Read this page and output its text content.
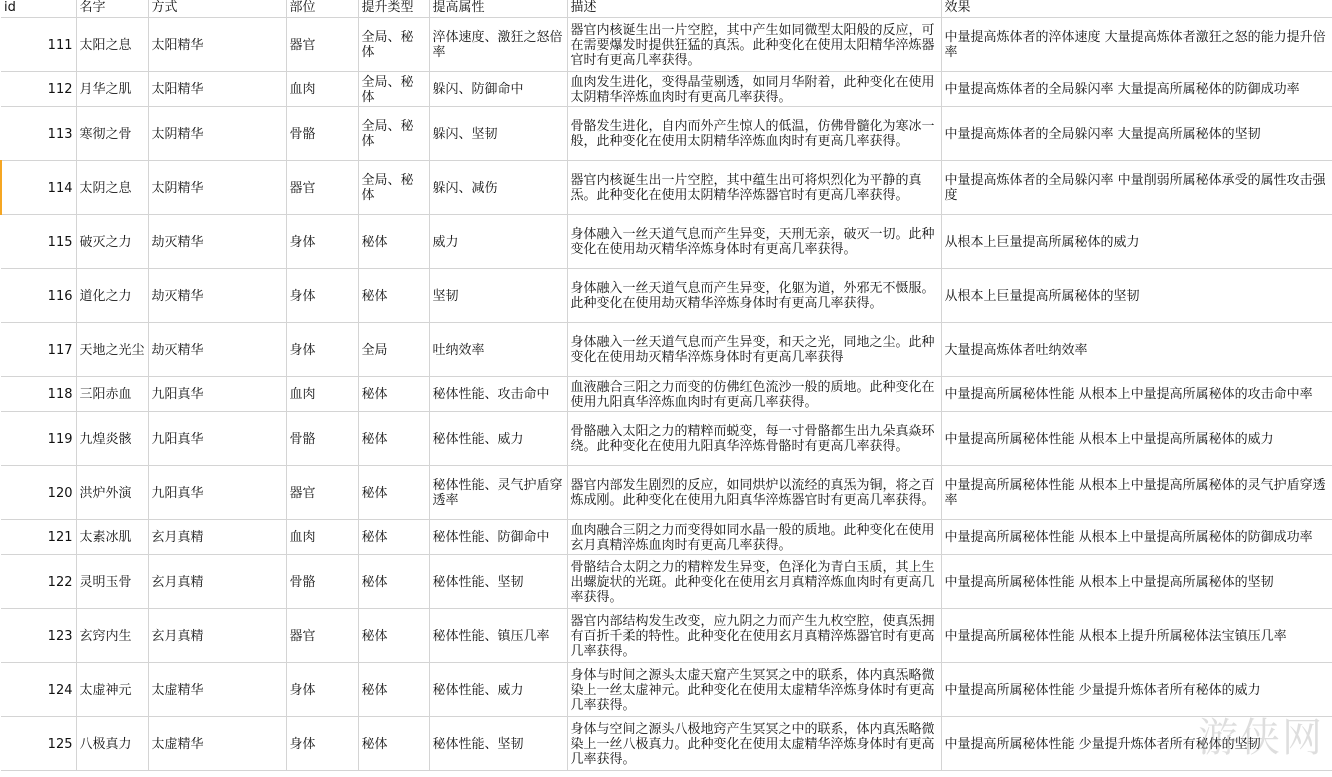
id	名字	方式	部位	提升类型	提高属性	描述	效果
111	太阳之息	太阳精华	器官	全局、秘体	淬体速度、激狂之怒倍率	器官内核诞生出一片空腔，其中产生如同微型太阳般的反应，可在需要爆发时提供狂猛的真炁。此种变化在使用太阳精华淬炼器官时有更高几率获得。	中量提高炼体者的淬体速度 大量提高炼体者激狂之怒的能力提升倍率
112	月华之肌	太阳精华	血肉	全局、秘体	躲闪、防御命中	血肉发生进化，变得晶莹剔透，如同月华附着，此种变化在使用太阴精华淬炼血肉时有更高几率获得。	中量提高炼体者的全局躲闪率 大量提高所属秘体的防御成功率
113	寒彻之骨	太阴精华	骨骼	全局、秘体	躲闪、坚韧	骨骼发生进化，自内而外产生惊人的低温，仿佛骨髓化为寒冰一般，此种变化在使用太阴精华淬炼血肉时有更高几率获得。	中量提高炼体者的全局躲闪率 大量提高所属秘体的坚韧
114	太阴之息	太阴精华	器官	全局、秘体	躲闪、减伤	器官内核诞生出一片空腔，其中蕴生出可将炽烈化为平静的真炁。此种变化在使用太阴精华淬炼器官时有更高几率获得。	中量提高炼体者的全局躲闪率 中量削弱所属秘体承受的属性攻击强度
115	破灭之力	劫灭精华	身体	秘体	威力	身体融入一丝天道气息而产生异变，天刑无亲，破灭一切。此种变化在使用劫灭精华淬炼身体时有更高几率获得。	从根本上巨量提高所属秘体的威力
116	道化之力	劫灭精华	身体	秘体	坚韧	身体融入一丝天道气息而产生异变，化躯为道，外邪无不慑服。此种变化在使用劫灭精华淬炼身体时有更高几率获得。	从根本上巨量提高所属秘体的坚韧
117	天地之光尘	劫灭精华	身体	全局	吐纳效率	身体融入一丝天道气息而产生异变，和天之光，同地之尘。此种变化在使用劫灭精华淬炼身体时有更高几率获得	大量提高炼体者吐纳效率
118	三阳赤血	九阳真华	血肉	秘体	秘体性能、攻击命中	血液融合三阳之力而变的仿佛红色流沙一般的质地。此种变化在使用九阳真华淬炼血肉时有更高几率获得。	中量提高所属秘体性能 从根本上中量提高所属秘体的攻击命中率
119	九煌炎骸	九阳真华	骨骼	秘体	秘体性能、威力	骨骼融入太阳之力的精粹而蜕变，每一寸骨骼都生出九朵真焱环绕。此种变化在使用九阳真华淬炼骨骼时有更高几率获得。	中量提高所属秘体性能 从根本上中量提高所属秘体的威力
120	洪炉外演	九阳真华	器官	秘体	秘体性能、灵气护盾穿透率	器官内部发生剧烈的反应，如同烘炉以流经的真炁为铜，将之百炼成刚。此种变化在使用九阳真华淬炼器官时有更高几率获得。	中量提高所属秘体性能 从根本上中量提高所属秘体的灵气护盾穿透率
121	太素冰肌	玄月真精	血肉	秘体	秘体性能、防御命中	血肉融合三阴之力而变得如同水晶一般的质地。此种变化在使用玄月真精淬炼血肉时有更高几率获得。	中量提高所属秘体性能 从根本上中量提高所属秘体的防御成功率
122	灵明玉骨	玄月真精	骨骼	秘体	秘体性能、坚韧	骨骼结合太阴之力的精粹发生异变，色泽化为青白玉质，其上生出螺旋状的光斑。此种变化在使用玄月真精淬炼血肉时有更高几率获得。	中量提高所属秘体性能 从根本上中量提高所属秘体的坚韧
123	玄窍内生	玄月真精	器官	秘体	秘体性能、镇压几率	器官内部结构发生改变，应九阴之力而产生九枚空腔，使真炁拥有百折千柔的特性。此种变化在使用玄月真精淬炼器官时有更高几率获得。	中量提高所属秘体性能 从根本上提升所属秘体法宝镇压几率
124	太虚神元	太虚精华	身体	秘体	秘体性能、威力	身体与时间之源头太虚天窟产生冥冥之中的联系，体内真炁略微染上一丝太虚神元。此种变化在使用太虚精华淬炼身体时有更高几率获得。	中量提高所属秘体性能 少量提升炼体者所有秘体的威力
125	八极真力	太虚精华	身体	秘体	秘体性能、坚韧	身体与空间之源头八极地窍产生冥冥之中的联系，体内真炁略微染上一丝八极真力。此种变化在使用太虚精华淬炼身体时有更高几率获得。	中量提高所属秘体性能 少量提升炼体者所有秘体的坚韧
游侠网
